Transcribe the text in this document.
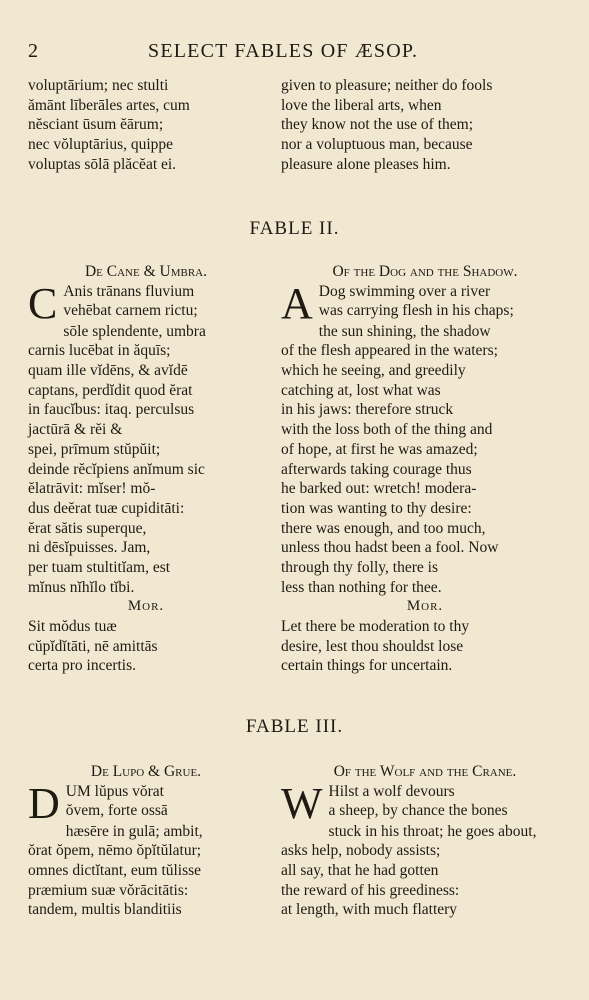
2	SELECT FABLES OF ÆSOP.
voluptārium; nec stulti
ămānt līberāles artes, cum
nĕsciant ūsum ĕārum;
nec vŏluptārius, quippe
voluptas sōlā plăcĕat ei.
given to pleasure; neither do fools
love the liberal arts, when
they know not the use of them;
nor a voluptuous man, because
pleasure alone pleases him.
FABLE II.
De Cane & Umbra.
C Anis trānans fluvium
vehēbat carnem rictu;
sōle splendente, umbra
carnis lucēbat in ăquīs;
quam ille vĭdēns, & avĭdē
captans, perdĭdit quod ĕrat
in faucĭbus: itaq. perculsus
jactūrā & rĕi &
spei, prīmum stŭpŭit;
deinde rĕcĭpiens anĭmum sic
ĕlatrāvit: mĭser! mŏ-
dus deĕrat tuæ cupiditāti:
ĕrat sătis superque,
ni dēsĭpuisses. Jam,
per tuam stultitĭam, est
mĭnus nĭhĭlo tĭbi.
Mor.
Sit mŏdus tuæ
cŭpĭdĭtāti, nē amittās
certa pro incertis.
Of the Dog and the Shadow.
A Dog swimming over a river
was carrying flesh in his chaps;
the sun shining, the shadow
of the flesh appeared in the waters;
which he seeing, and greedily
catching at, lost what was
in his jaws: therefore struck
with the loss both of the thing and
of hope, at first he was amazed;
afterwards taking courage thus
he barked out: wretch! modera-
tion was wanting to thy desire:
there was enough, and too much,
unless thou hadst been a fool. Now
through thy folly, there is
less than nothing for thee.
Mor.
Let there be moderation to thy
desire, lest thou shouldst lose
certain things for uncertain.
FABLE III.
De Lupo & Grue.
D UM lŭpus vŏrat
ŏvem, forte ossā
hæsēre in gulā; ambit,
ŏrat ŏpem, nēmo ŏpĭtŭlatur;
omnes dictĭtant, eum tŭlisse
præmium suæ vŏrācitātis:
tandem, multis blanditiis
Of the Wolf and the Crane.
W Hilst a wolf devours
a sheep, by chance the bones
stuck in his throat; he goes about,
asks help, nobody assists;
all say, that he had gotten
the reward of his greediness:
at length, with much flattery
